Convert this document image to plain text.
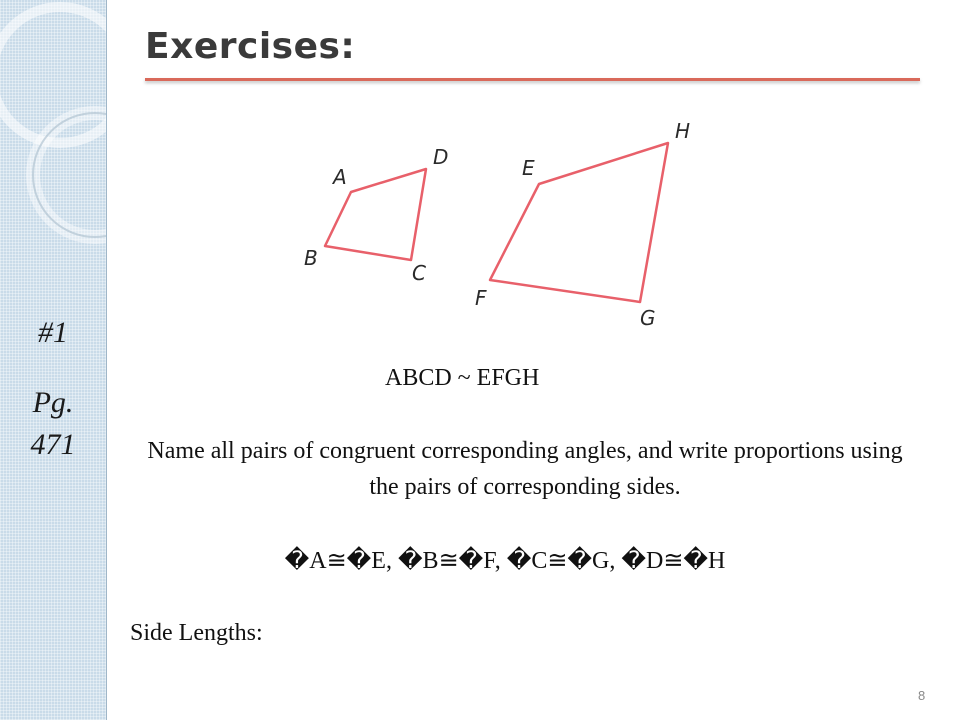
#1
Pg.
471
Exercises:
A
B
C
D	E
F
G
H
ABCD ~ EFGH
Name all pairs of congruent corresponding angles, and write proportions using the pairs of corresponding sides.
�A≅�E, �B≅�F, �C≅�G, �D≅�H
Side Lengths:
8
